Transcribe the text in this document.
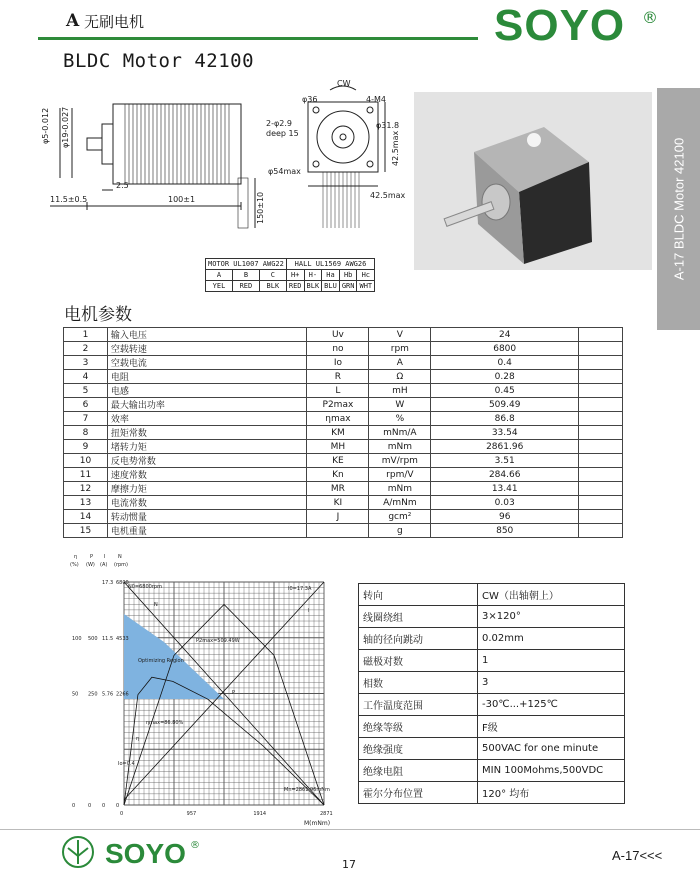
A 无刷电机	SOYO ®
BLDC Motor 42100
A-17 BLDC Motor 42100
φ5-0.012 φ19-0.027
2.5
11.5±0.5	100±1	150±10
CW
φ36	4-M4
2-φ2.9
deep 15
φ31.8
42.5max
φ54max
42.5max
MOTOR UL1007 AWG22			HALL UL1569 AWG26				
A	B	C	H+	H-	Ha	Hb	Hc
YEL	RED	BLK	RED	BLK	BLU	GRN	WHT
电机参数
1	输入电压	Uv	V	24	
2	空载转速	no	rpm	6800	
3	空载电流	Io	A	0.4	
4	电阻	R	Ω	0.28	
5	电感	L	mH	0.45	
6	最大输出功率	P2max	W	509.49	
7	效率	ηmax	%	86.8	
8	扭矩常数	KM	mNm/A	33.54	
9	堵转力矩	MH	mNm	2861.96	
10	反电势常数	KE	mV/rpm	3.51	
11	速度常数	Kn	rpm/V	284.66	
12	摩擦力矩	MR	mNm	13.41	
13	电流常数	KI	A/mNm	0.03	
14	转动惯量	J	gcm²	96	
15	电机重量		g	850	
η
(%)
P
(W)
I
(A)
N
(rpm)
0	0 0 0
50 250 5.76 2266
100 500 11.5 4533
17.3 6800
0	957	1914	2871
M(mNm)
N0=6800rpm
N
I0=17.3A
I
P2max=509.49W
Optimizing Region
ηmax=86.80%
η
Io=0.4
Mn=2861.96mNm
P
转向	CW（出轴朝上）
线圈绕组	3×120°
轴的径向跳动	0.02mm
磁极对数	1
相数	3
工作温度范围	-30℃...+125℃
绝缘等级	F级
绝缘强度	500VAC for one minute
绝缘电阻	MIN 100Mohms,500VDC
霍尔分布位置	120° 均布
SOYO ®
17
A-17<<<
